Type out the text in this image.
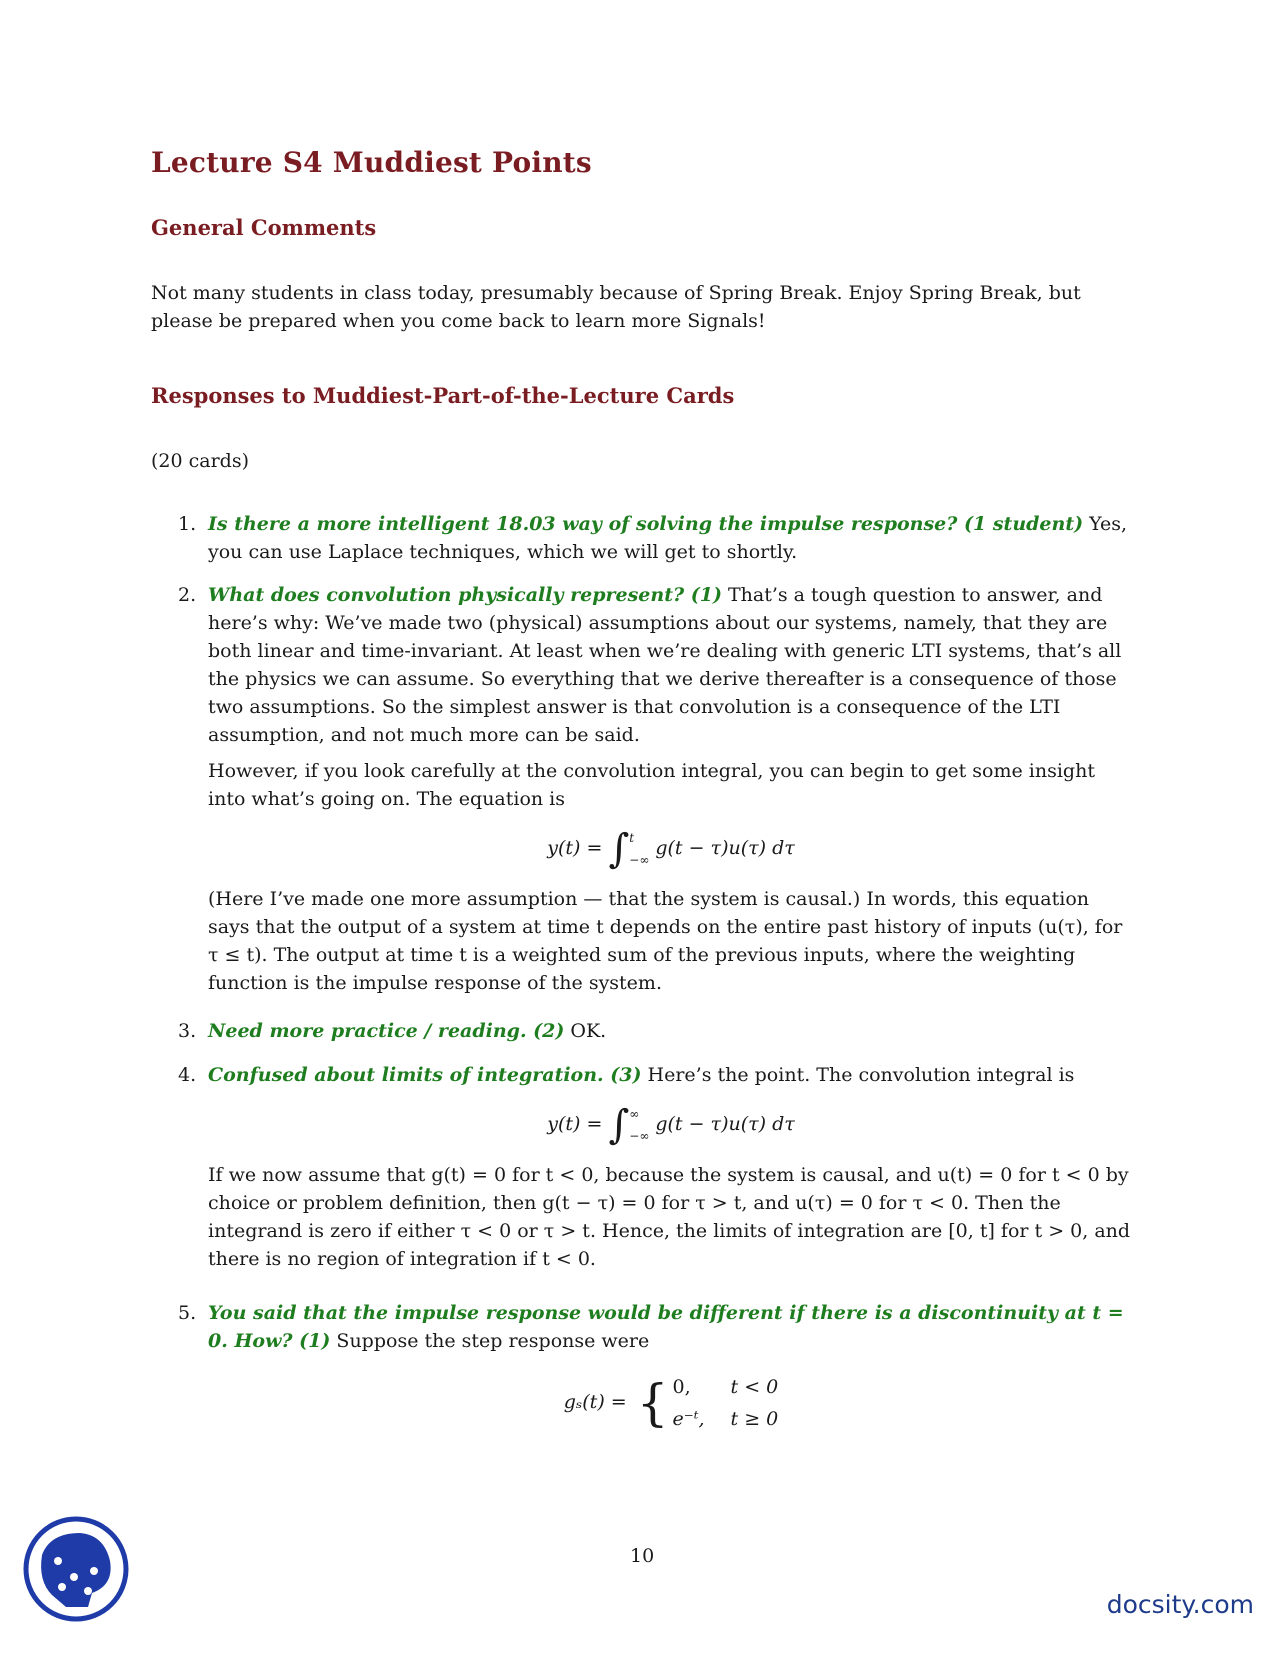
Lecture S4 Muddiest Points
General Comments

Not many students in class today, presumably because of Spring Break. Enjoy Spring Break, but please be prepared when you come back to learn more Signals!

Responses to Muddiest-Part-of-the-Lecture Cards

(20 cards)

1. Is there a more intelligent 18.03 way of solving the impulse response? (1 student) Yes, you can use Laplace techniques, which we will get to shortly.
2. What does convolution physically represent? (1) That’s a tough question to answer, and here’s why: We’ve made two (physical) assumptions about our systems, namely, that they are both linear and time-invariant. At least when we’re dealing with generic LTI systems, that’s all the physics we can assume. So everything that we derive thereafter is a consequence of those two assumptions. So the simplest answer is that convolution is a consequence of the LTI assumption, and not much more can be said.
However, if you look carefully at the convolution integral, you can begin to get some insight into what’s going on. The equation is
y(t) = ∫t
−∞g(t − τ)u(τ) dτ
(Here I’ve made one more assumption — that the system is causal.) In words, this equation says that the output of a system at time t depends on the entire past history of inputs (u(τ), for τ ≤ t). The output at time t is a weighted sum of the previous inputs, where the weighting function is the impulse response of the system.
3. Need more practice / reading. (2) OK.
4. Confused about limits of integration. (3) Here’s the point. The convolution integral is
y(t) = ∫∞
−∞g(t − τ)u(τ) dτ
If we now assume that g(t) = 0 for t < 0, because the system is causal, and u(t) = 0 for t < 0 by choice or problem definition, then g(t − τ) = 0 for τ > t, and u(τ) = 0 for τ < 0. Then the integrand is zero if either τ < 0 or τ > t. Hence, the limits of integration are [0, t] for t > 0, and there is no region of integration if t < 0.
5. You said that the impulse response would be different if there is a discontinuity at t = 0. How? (1) Suppose the step response were
gₛ(t) = { 0, t < 0
e⁻ᵗ, t ≥ 0
10
docsity.com
